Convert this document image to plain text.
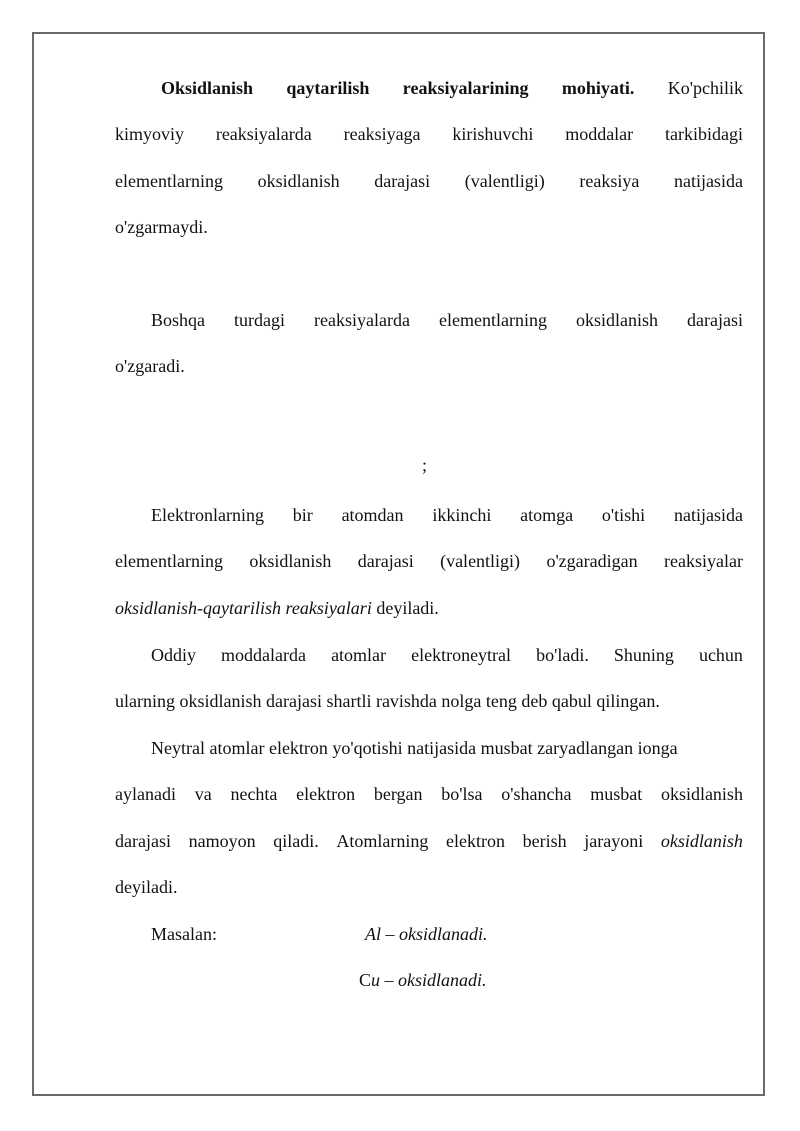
Oksidlanish qaytarilish reaksiyalarining mohiyati. Ko'pchilik
kimyoviy reaksiyalarda reaksiyaga kirishuvchi moddalar tarkibidagi
elementlarning oksidlanish darajasi (valentligi) reaksiya natijasida
o'zgarmaydi.
Boshqa turdagi reaksiyalarda elementlarning oksidlanish darajasi
o'zgaradi.
;
Elektronlarning bir atomdan ikkinchi atomga o'tishi natijasida
elementlarning oksidlanish darajasi (valentligi) o'zgaradigan reaksiyalar
oksidlanish-qaytarilish reaksiyalari deyiladi.
Oddiy moddalarda atomlar elektroneytral bo'ladi. Shuning uchun
ularning oksidlanish darajasi shartli ravishda nolga teng deb qabul qilingan.
Neytral atomlar elektron yo'qotishi natijasida musbat zaryadlangan ionga
aylanadi va nechta elektron bergan bo'lsa o'shancha musbat oksidlanish
darajasi namoyon qiladi. Atomlarning elektron berish jarayoni oksidlanish
deyiladi.
Masalan:	Al – oksidlanadi.
Cu – oksidlanadi.
